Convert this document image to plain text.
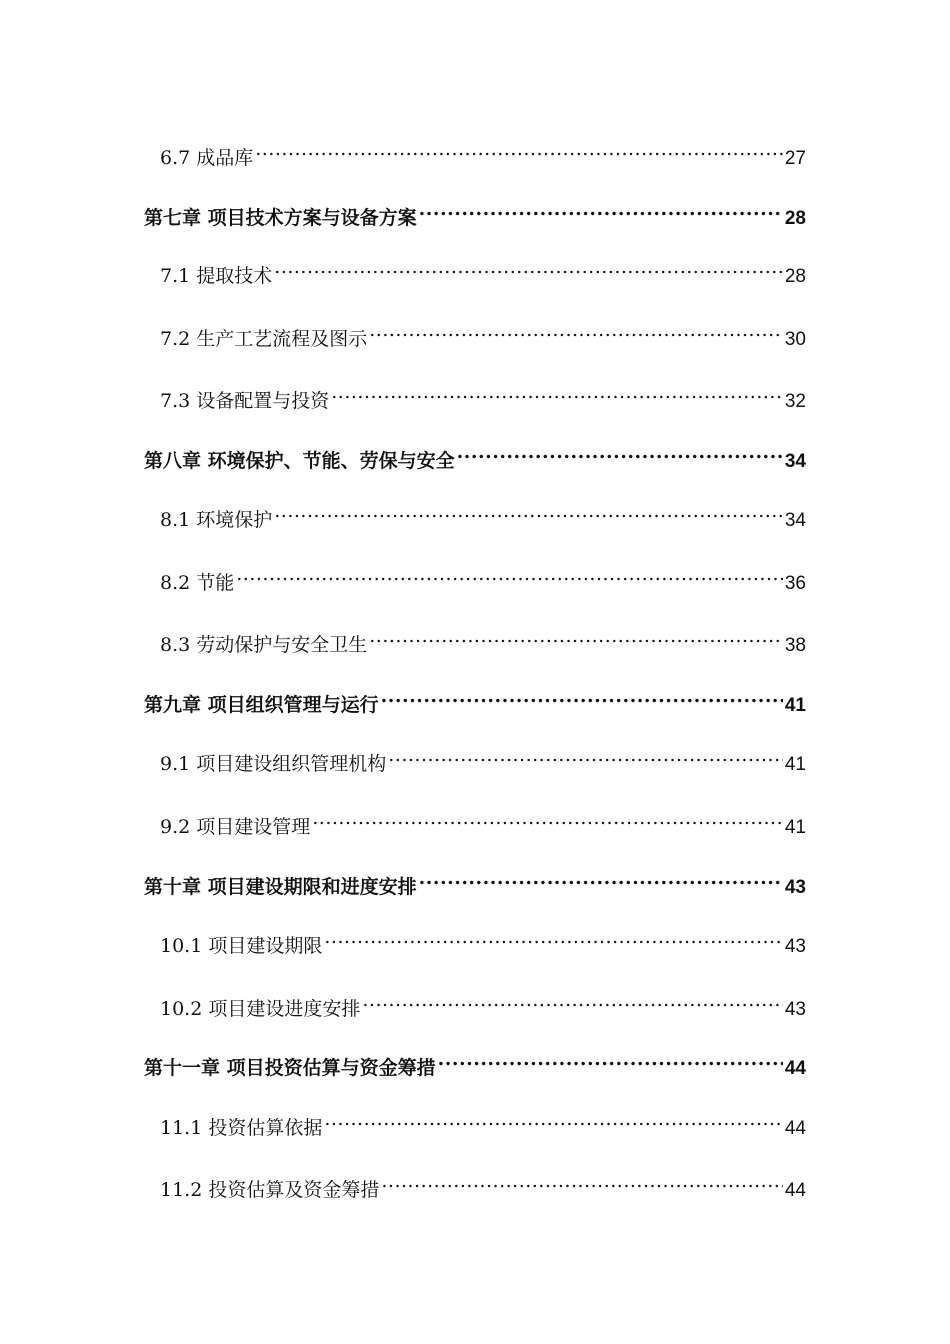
6.7 成品库 .....	27
第七章 项目技术方案与设备方案 .....	28
7.1 提取技术 .....	28
7.2 生产工艺流程及图示 .....	30
7.3 设备配置与投资 .....	32
第八章 环境保护、节能、劳保与安全 .....	34
8.1 环境保护 .....	34
8.2 节能 .....	36
8.3 劳动保护与安全卫生 .....	38
第九章 项目组织管理与运行 .....	41
9.1 项目建设组织管理机构 .....	41
9.2 项目建设管理 .....	41
第十章 项目建设期限和进度安排 .....	43
10.1 项目建设期限 .....	43
10.2 项目建设进度安排 .....	43
第十一章 项目投资估算与资金筹措 .....	44
11.1 投资估算依据 .....	44
11.2 投资估算及资金筹措 .....	44
